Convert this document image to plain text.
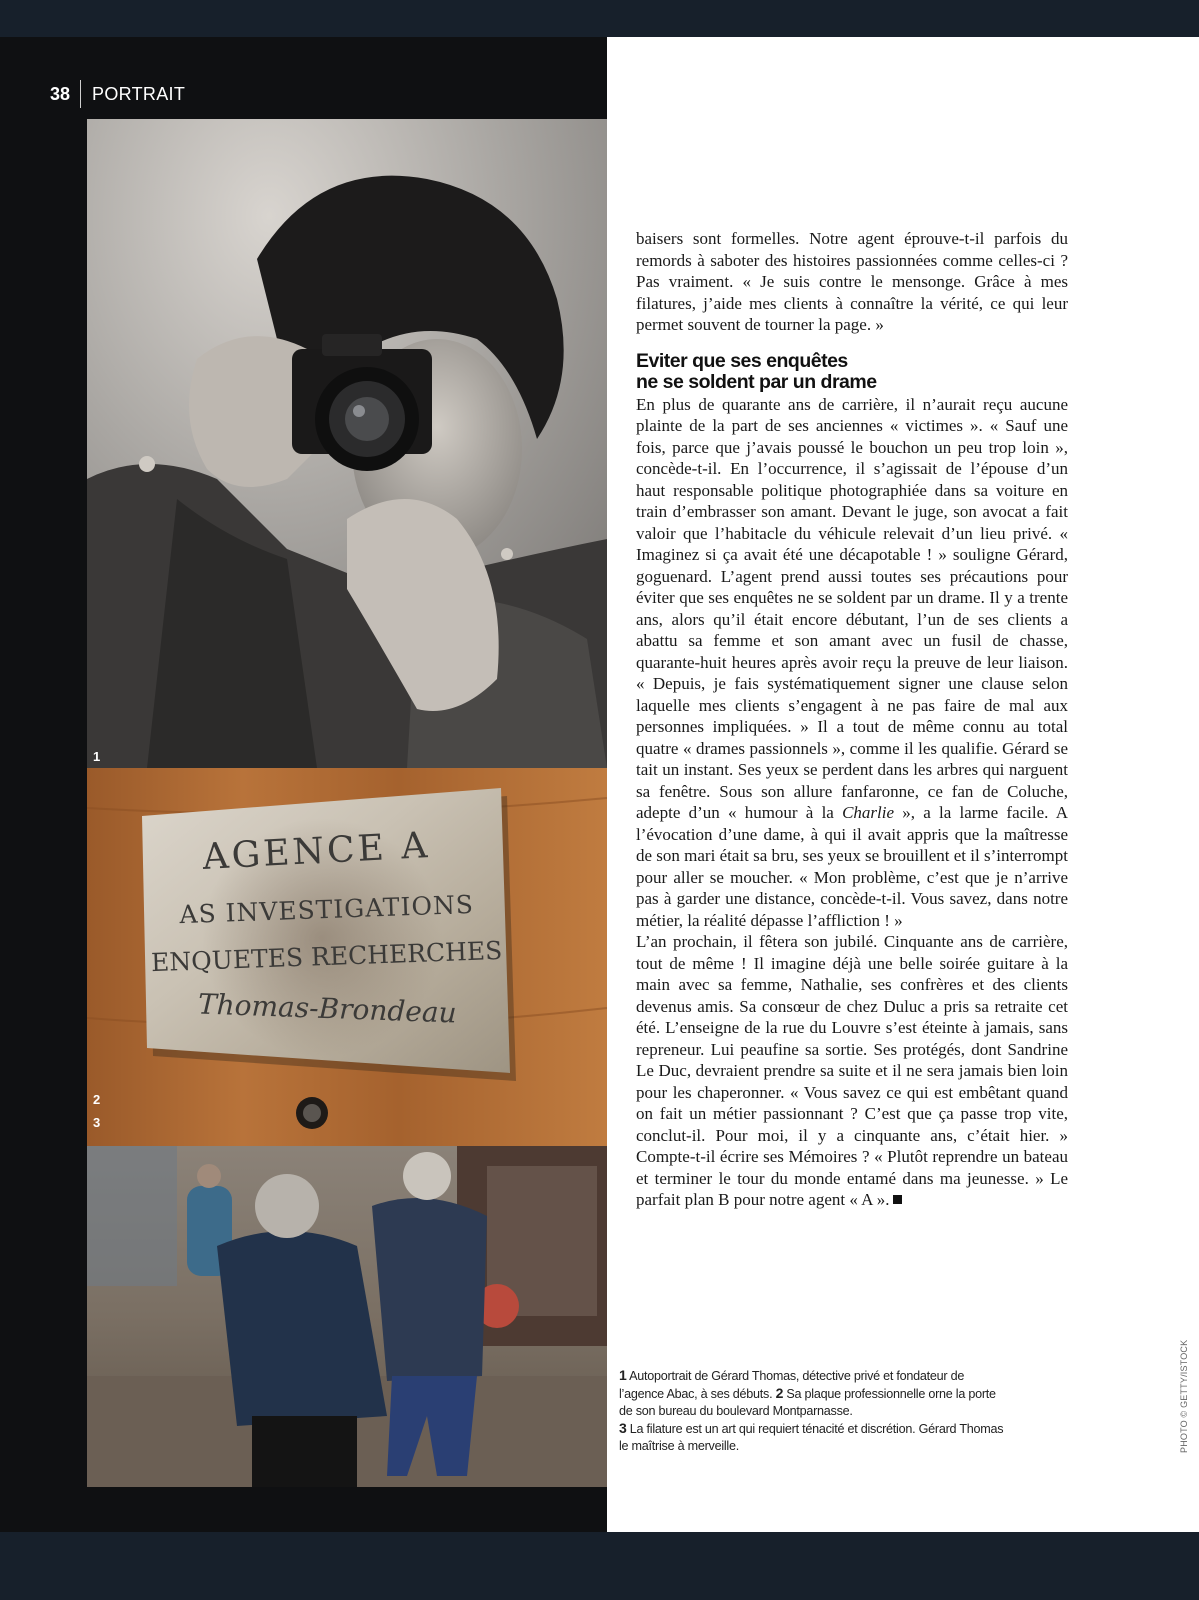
38 PORTRAIT
1
AGENCE A
AS INVESTIGATIONS
ENQUETES RECHERCHES
Thomas-Brondeau
2
3

baisers sont formelles. Notre agent éprouve-t-il parfois du remords à saboter des histoires passionnées comme celles-ci ? Pas vraiment. « Je suis contre le mensonge. Grâce à mes filatures, j’aide mes clients à connaître la vérité, ce qui leur permet souvent de tourner la page. »

Eviter que ses enquêtes
ne se soldent par un drame

En plus de quarante ans de carrière, il n’aurait reçu aucune plainte de la part de ses anciennes « victimes ». « Sauf une fois, parce que j’avais poussé le bouchon un peu trop loin », concède-t-il. En l’occurrence, il s’agissait de l’épouse d’un haut responsable politique photographiée dans sa voiture en train d’embrasser son amant. Devant le juge, son avocat a fait valoir que l’habitacle du véhicule relevait d’un lieu privé. « Imaginez si ça avait été une décapotable ! » souligne Gérard, goguenard. L’agent prend aussi toutes ses précautions pour éviter que ses enquêtes ne se soldent par un drame. Il y a trente ans, alors qu’il était encore débutant, l’un de ses clients a abattu sa femme et son amant avec un fusil de chasse, quarante-huit heures après avoir reçu la preuve de leur liaison. « Depuis, je fais systématiquement signer une clause selon laquelle mes clients s’engagent à ne pas faire de mal aux personnes impliquées. » Il a tout de même connu au total quatre « drames passionnels », comme il les qualifie. Gérard se tait un instant. Ses yeux se perdent dans les arbres qui narguent sa fenêtre. Sous son allure fanfaronne, ce fan de Coluche, adepte d’un « humour à la Charlie », a la larme facile. A l’évocation d’une dame, à qui il avait appris que la maîtresse de son mari était sa bru, ses yeux se brouillent et il s’interrompt pour aller se moucher. « Mon problème, c’est que je n’arrive pas à garder une distance, concède-t-il. Vous savez, dans notre métier, la réalité dépasse l’affliction ! »

L’an prochain, il fêtera son jubilé. Cinquante ans de carrière, tout de même ! Il imagine déjà une belle soirée guitare à la main avec sa femme, Nathalie, ses confrères et des clients devenus amis. Sa consœur de chez Duluc a pris sa retraite cet été. L’enseigne de la rue du Louvre s’est éteinte à jamais, sans repreneur. Lui peaufine sa sortie. Ses protégés, dont Sandrine Le Duc, devraient prendre sa suite et il ne sera jamais bien loin pour les chaperonner. « Vous savez ce qui est embêtant quand on fait un métier passionnant ? C’est que ça passe trop vite, conclut-il. Pour moi, il y a cinquante ans, c’était hier. » Compte-t-il écrire ses Mémoires ? « Plutôt reprendre un bateau et terminer le tour du monde entamé dans ma jeunesse. » Le parfait plan B pour notre agent « A ».

1 Autoportrait de Gérard Thomas, détective privé et fondateur de l’agence Abac, à ses débuts. 2 Sa plaque professionnelle orne la porte de son bureau du boulevard Montparnasse.
3 La filature est un art qui requiert ténacité et discrétion. Gérard Thomas le maîtrise à merveille.	PHOTO © GETTY/ISTOCK
